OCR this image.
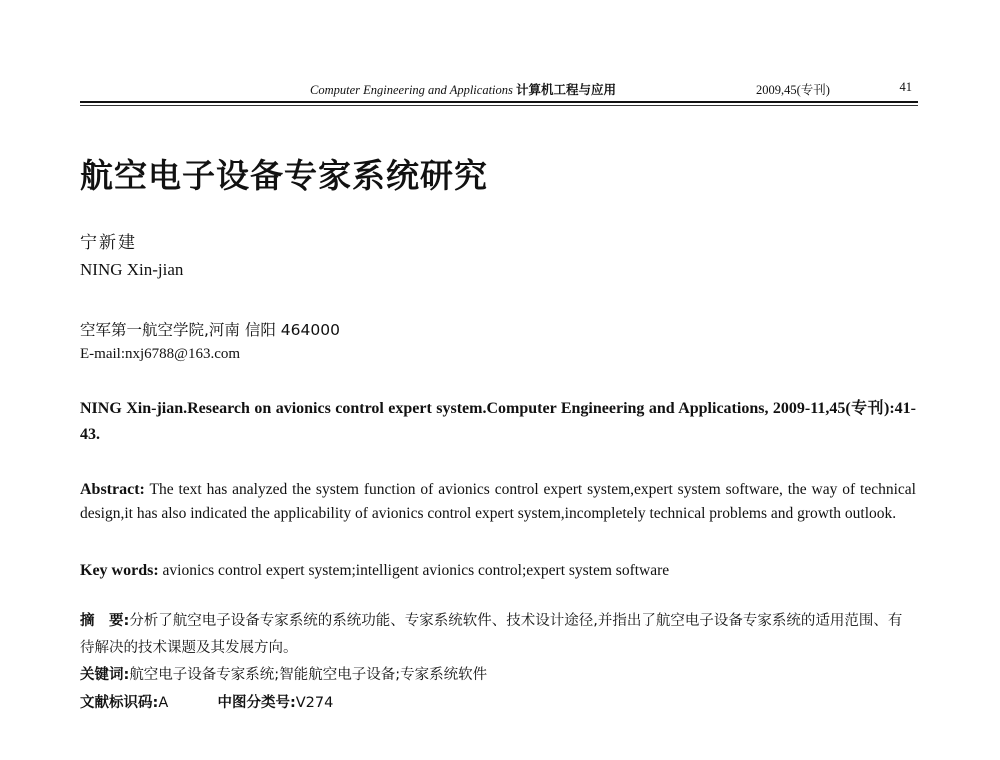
Computer Engineering and Applications 计算机工程与应用	2009,45(专刊)	41
航空电子设备专家系统研究
宁新建
NING Xin-jian
空军第一航空学院,河南 信阳 464000
E-mail:nxj6788@163.com
NING Xin-jian.Research on avionics control expert system.Computer Engineering and Applications, 2009-11,45(专刊):41-43.
Abstract: The text has analyzed the system function of avionics control expert system,expert system software, the way of technical design,it has also indicated the applicability of avionics control expert system,incompletely technical problems and growth outlook.
Key words: avionics control expert system;intelligent avionics control;expert system software
摘　要:分析了航空电子设备专家系统的系统功能、专家系统软件、技术设计途径,并指出了航空电子设备专家系统的适用范围、有待解决的技术课题及其发展方向。
关键词:航空电子设备专家系统;智能航空电子设备;专家系统软件
文献标识码:A	中图分类号:V274
